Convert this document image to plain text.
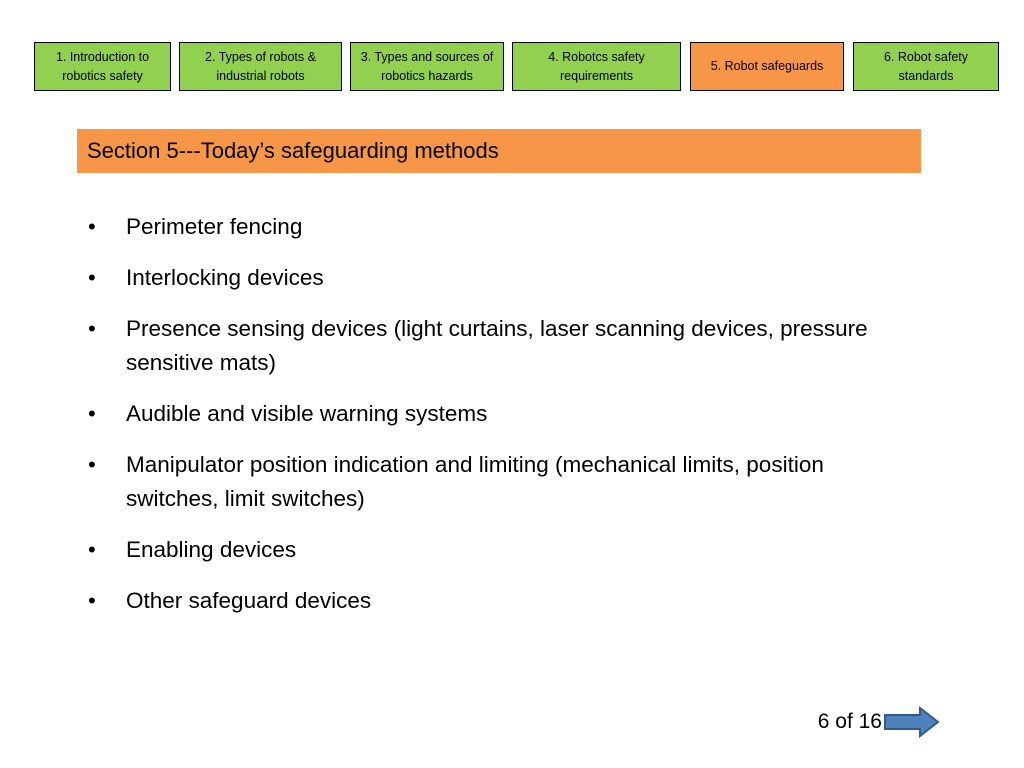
1. Introduction to robotics safety
2. Types of robots & industrial robots
3. Types and sources of robotics hazards
4. Robotcs safety requirements
5. Robot safeguards
6. Robot safety standards
Section 5---Today’s safeguarding methods
•	Perimeter fencing
•	Interlocking devices
•	Presence sensing devices (light curtains, laser scanning devices, pressure sensitive mats)
•	Audible and visible warning systems
•	Manipulator position indication and limiting (mechanical limits, position switches, limit switches)
•	Enabling devices
•	Other safeguard devices
6 of 16
